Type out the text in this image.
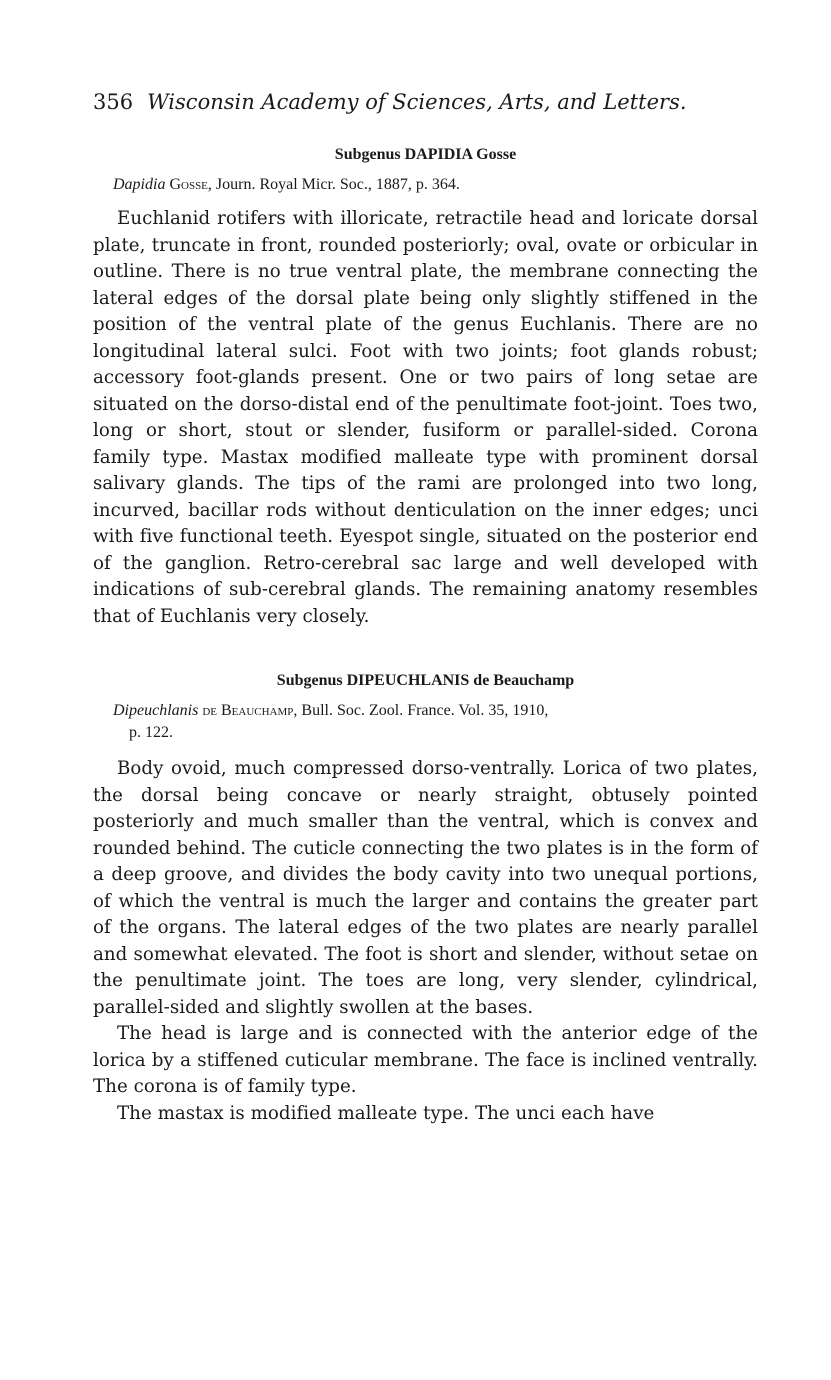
356 Wisconsin Academy of Sciences, Arts, and Letters.
Subgenus DAPIDIA Gosse

Dapidia Gosse, Journ. Royal Micr. Soc., 1887, p. 364.

Euchlanid rotifers with illoricate, retractile head and loricate dorsal plate, truncate in front, rounded posteriorly; oval, ovate or orbicular in outline. There is no true ventral plate, the membrane connecting the lateral edges of the dorsal plate being only slightly stiffened in the position of the ventral plate of the genus Euchlanis. There are no longitudinal lateral sulci. Foot with two joints; foot glands robust; accessory foot-glands present. One or two pairs of long setae are situated on the dorso-distal end of the penultimate foot-joint. Toes two, long or short, stout or slender, fusiform or parallel-sided. Corona family type. Mastax modified malleate type with prominent dorsal salivary glands. The tips of the rami are prolonged into two long, incurved, bacillar rods without denticulation on the inner edges; unci with five functional teeth. Eyespot single, situated on the posterior end of the ganglion. Retro-cerebral sac large and well developed with indications of sub-cerebral glands. The remaining anatomy resembles that of Euchlanis very closely.

Subgenus DIPEUCHLANIS de Beauchamp

Dipeuchlanis de Beauchamp, Bull. Soc. Zool. France. Vol. 35, 1910,
p. 122.

Body ovoid, much compressed dorso-ventrally. Lorica of two plates, the dorsal being concave or nearly straight, obtusely pointed posteriorly and much smaller than the ventral, which is convex and rounded behind. The cuticle connecting the two plates is in the form of a deep groove, and divides the body cavity into two unequal portions, of which the ventral is much the larger and contains the greater part of the organs. The lateral edges of the two plates are nearly parallel and somewhat elevated. The foot is short and slender, without setae on the penultimate joint. The toes are long, very slender, cylindrical, parallel-sided and slightly swollen at the bases.

The head is large and is connected with the anterior edge of the lorica by a stiffened cuticular membrane. The face is inclined ventrally. The corona is of family type.

The mastax is modified malleate type. The unci each have
